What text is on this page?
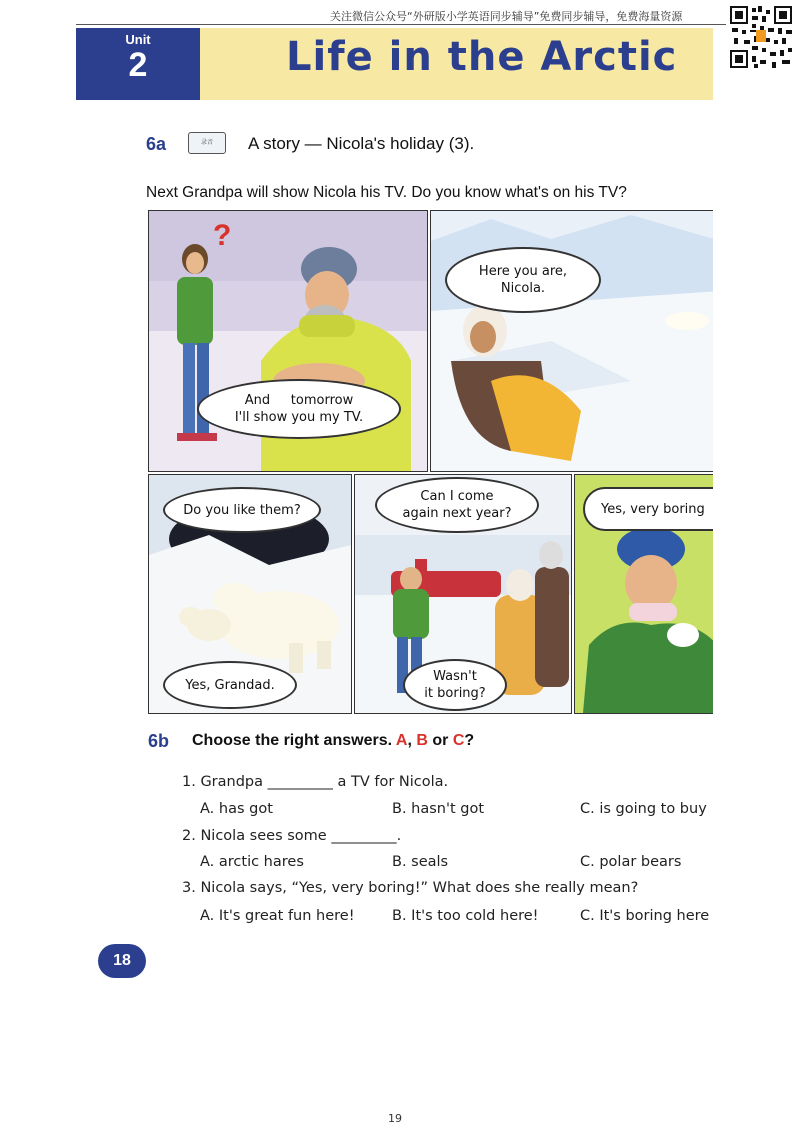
关注微信公众号“外研版小学英语同步辅导”免费同步辅导，免费海量资源
Unit
2	Life in the Arctic
6a	录音	A story — Nicola's holiday (3).
Next Grandpa will show Nicola his TV. Do you know what's on his TV?
?
And     tomorrow
I'll show you my TV.
Here you are,
Nicola.
Do you like them?
Yes, Grandad.
Can I come
again next year?
Wasn't
it boring?
Yes, very boring
6b Choose the right answers. A, B or C?
1. Grandpa _________ a TV for Nicola.
A. has got	B. hasn't got	C. is going to buy
2. Nicola sees some _________.
A. arctic hares	B. seals	C. polar bears
3. Nicola says, “Yes, very boring!” What does she really mean?
A. It's great fun here!	B. It's too cold here!	C. It's boring here
18
19
